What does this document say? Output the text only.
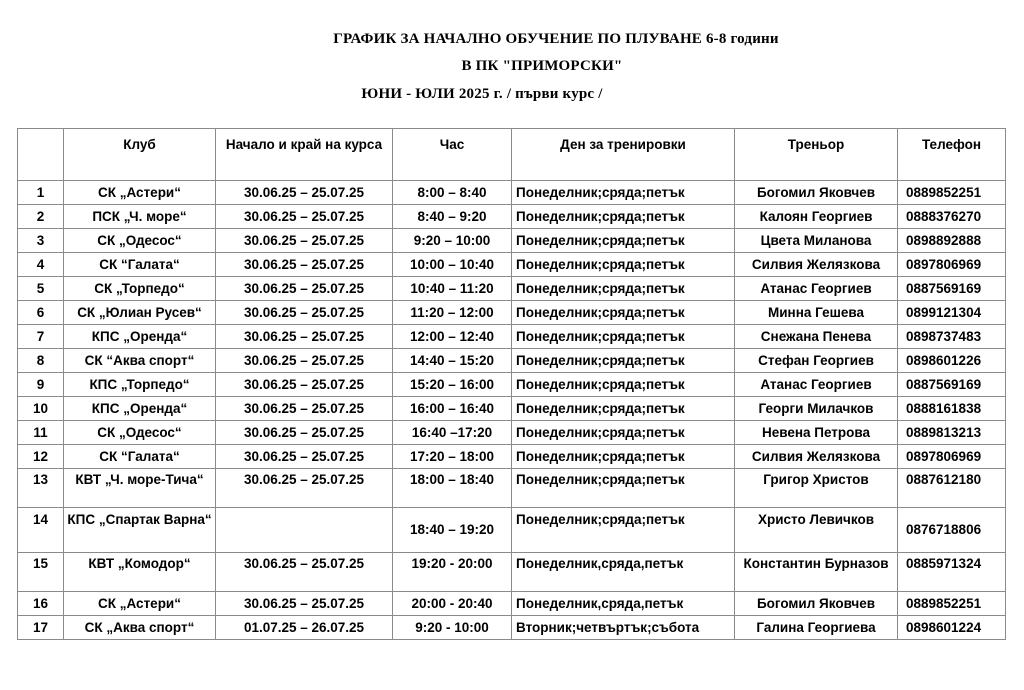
ГРАФИК ЗА НАЧАЛНО ОБУЧЕНИЕ ПО ПЛУВАНЕ 6-8 години
В ПК "ПРИМОРСКИ"
ЮНИ - ЮЛИ 2025 г. / първи курс /
	Клуб	Начало и край на курса	Час	Ден за тренировки	Треньор	Телефон
1	СК „Астери“	30.06.25 – 25.07.25	8:00 – 8:40	Понеделник;сряда;петък	Богомил Яковчев	0889852251
2	ПСК „Ч. море“	30.06.25 – 25.07.25	8:40 – 9:20	Понеделник;сряда;петък	Калоян Георгиев	0888376270
3	СК „Одесос“	30.06.25 – 25.07.25	9:20 – 10:00	Понеделник;сряда;петък	Цвета Миланова	0898892888
4	СК “Галата“	30.06.25 – 25.07.25	10:00 – 10:40	Понеделник;сряда;петък	Силвия Желязкова	0897806969
5	СК „Торпедо“	30.06.25 – 25.07.25	10:40 – 11:20	Понеделник;сряда;петък	Атанас Георгиев	0887569169
6	СК „Юлиан Русев“	30.06.25 – 25.07.25	11:20 – 12:00	Понеделник;сряда;петък	Минна Гешева	0899121304
7	КПС „Оренда“	30.06.25 – 25.07.25	12:00 – 12:40	Понеделник;сряда;петък	Снежана Пенева	0898737483
8	СК “Аква спорт“	30.06.25 – 25.07.25	14:40 – 15:20	Понеделник;сряда;петък	Стефан Георгиев	0898601226
9	КПС „Торпедо“	30.06.25 – 25.07.25	15:20 – 16:00	Понеделник;сряда;петък	Атанас Георгиев	0887569169
10	КПС „Оренда“	30.06.25 – 25.07.25	16:00 – 16:40	Понеделник;сряда;петък	Георги Милачков	0888161838
11	СК „Одесос“	30.06.25 – 25.07.25	16:40 –17:20	Понеделник;сряда;петък	Невена Петрова	0889813213
12	СК “Галата“	30.06.25 – 25.07.25	17:20 – 18:00	Понеделник;сряда;петък	Силвия Желязкова	0897806969
13	КВТ „Ч. море-Тича“	30.06.25 – 25.07.25	18:00 – 18:40	Понеделник;сряда;петък	Григор Христов	0887612180
14	КПС „Спартак Варна“		18:40 – 19:20	Понеделник;сряда;петък	Христо Левичков	0876718806
15	КВТ „Комодор“	30.06.25 – 25.07.25	19:20 - 20:00	Понеделник,сряда,петък	Константин Бурназов	0885971324
16	СК „Астери“	30.06.25 – 25.07.25	20:00 - 20:40	Понеделник,сряда,петък	Богомил Яковчев	0889852251
17	СК „Аква спорт“	01.07.25 – 26.07.25	9:20 - 10:00	Вторник;четвъртък;събота	Галина Георгиева	0898601224
